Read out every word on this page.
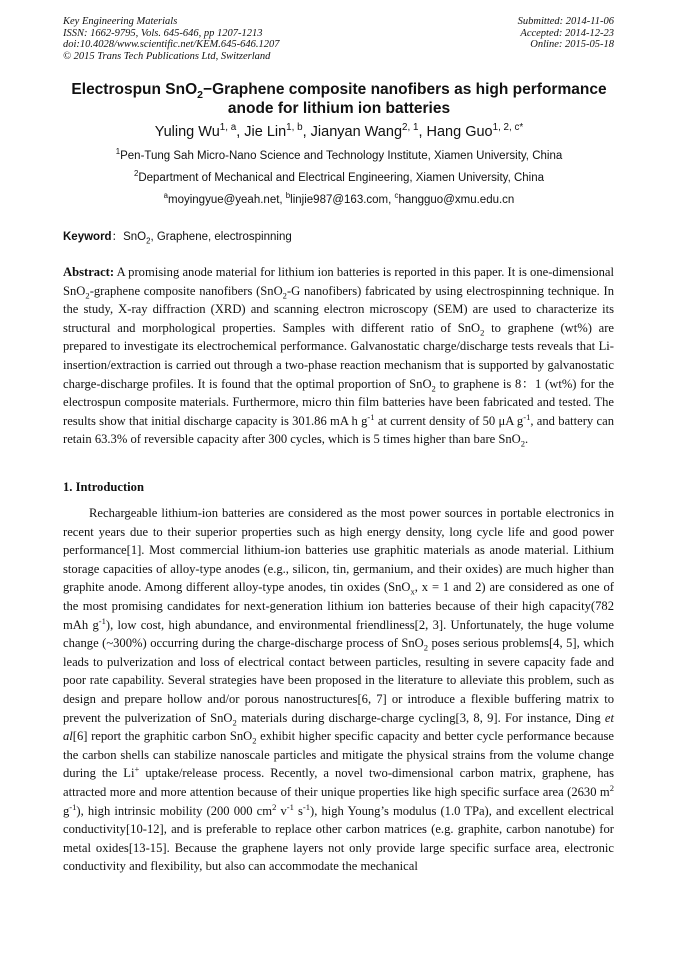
Key Engineering Materials
ISSN: 1662-9795, Vols. 645-646, pp 1207-1213
doi:10.4028/www.scientific.net/KEM.645-646.1207
© 2015 Trans Tech Publications Ltd, Switzerland
Submitted: 2014-11-06
Accepted: 2014-12-23
Online: 2015-05-18
Electrospun SnO$_2$−Graphene composite nanofibers as high performance
anode for lithium ion batteries
Yuling Wu$^{1, a}$, Jie Lin$^{1, b}$, Jianyan Wang$^{2, 1}$, Hang Guo$^{1, 2, c*}$
$^1$Pen-Tung Sah Micro-Nano Science and Technology Institute, Xiamen University, China
$^2$Department of Mechanical and Electrical Engineering, Xiamen University, China
$^a$moyingyue@yeah.net, $^b$linjie987@163.com, $^c$hangguo@xmu.edu.cn
Keyword：SnO$_2$, Graphene, electrospinning

Abstract: A promising anode material for lithium ion batteries is reported in this paper. It is one-dimensional SnO$_2$-graphene composite nanofibers (SnO$_2$-G nanofibers) fabricated by using electrospinning technique. In the study, X-ray diffraction (XRD) and scanning electron microscopy (SEM) are used to characterize its structural and morphological properties. Samples with different ratio of SnO$_2$ to graphene (wt%) are prepared to investigate its electrochemical performance. Galvanostatic charge/discharge tests reveals that Li-insertion/extraction is carried out through a two-phase reaction mechanism that is supported by galvanostatic charge-discharge profiles. It is found that the optimal proportion of SnO$_2$ to graphene is 8：1 (wt%) for the electrospun composite materials. Furthermore, micro thin film batteries have been fabricated and tested. The results show that initial discharge capacity is 301.86 mA h $g^{-1}$ at current density of 50 μA $g^{-1}$, and battery can retain 63.3% of reversible capacity after 300 cycles, which is 5 times higher than bare SnO$_2$.

1. Introduction

Rechargeable lithium-ion batteries are considered as the most power sources in portable electronics in recent years due to their superior properties such as high energy density, long cycle life and good power performance[1]. Most commercial lithium-ion batteries use graphitic materials as anode material. Lithium storage capacities of alloy-type anodes (e.g., silicon, tin, germanium, and their oxides) are much higher than graphite anode. Among different alloy-type anodes, tin oxides (SnO$_x$, x = 1 and 2) are considered as one of the most promising candidates for next-generation lithium ion batteries because of their high capacity(782 mAh $g^{-1}$), low cost, high abundance, and environmental friendliness[2, 3]. Unfortunately, the huge volume change (~300%) occurring during the charge-discharge process of SnO$_2$ poses serious problems[4, 5], which leads to pulverization and loss of electrical contact between particles, resulting in severe capacity fade and poor rate capability. Several strategies have been proposed in the literature to alleviate this problem, such as design and prepare hollow and/or porous nanostructures[6, 7] or introduce a flexible buffering matrix to prevent the pulverization of SnO$_2$ materials during discharge-charge cycling[3, 8, 9]. For instance, Ding et al[6] report the graphitic carbon SnO$_2$ exhibit higher specific capacity and better cycle performance because the carbon shells can stabilize nanoscale particles and mitigate the physical strains from the volume change during the Li+ uptake/release process. Recently, a novel two-dimensional carbon matrix, graphene, has attracted more and more attention because of their unique properties like high specific surface area (2630 $m^2$ $g^{-1}$), high intrinsic mobility (200 000 $cm^2$ $v^{-1}$ $s^{-1}$), high Young’s modulus (1.0 TPa), and excellent electrical conductivity[10-12], and is preferable to replace other carbon matrices (e.g. graphite, carbon nanotube) for metal oxides[13-15]. Because the graphene layers not only provide large specific surface area, electronic conductivity and flexibility, but also can accommodate the mechanical
